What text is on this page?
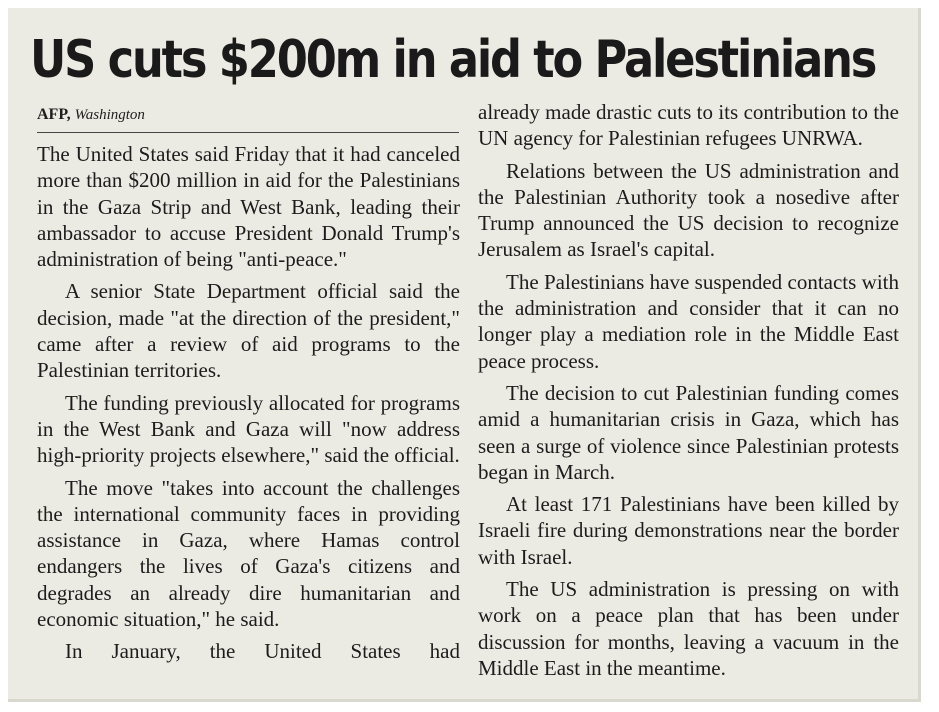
US cuts $200m in aid to Palestinians
AFP, Washington

The United States said Friday that it had canceled more than $200 million in aid for the Palestinians in the Gaza Strip and West Bank, leading their ambassador to accuse President Donald Trump's administration of being "anti-peace."

A senior State Department official said the decision, made "at the direction of the president," came after a review of aid programs to the Palestinian territories.

The funding previously allocated for programs in the West Bank and Gaza will "now address high-priority projects elsewhere," said the official.

The move "takes into account the challenges the international community faces in providing assistance in Gaza, where Hamas control endangers the lives of Gaza's citizens and degrades an already dire humanitarian and economic situation," he said.

In January, the United States had

already made drastic cuts to its contribution to the UN agency for Palestinian refugees UNRWA.

Relations between the US administration and the Palestinian Authority took a nosedive after Trump announced the US decision to recognize Jerusalem as Israel's capital.

The Palestinians have suspended contacts with the administration and consider that it can no longer play a mediation role in the Middle East peace process.

The decision to cut Palestinian funding comes amid a humanitarian crisis in Gaza, which has seen a surge of violence since Palestinian protests began in March.

At least 171 Palestinians have been killed by Israeli fire during demonstrations near the border with Israel.

The US administration is pressing on with work on a peace plan that has been under discussion for months, leaving a vacuum in the Middle East in the meantime.
